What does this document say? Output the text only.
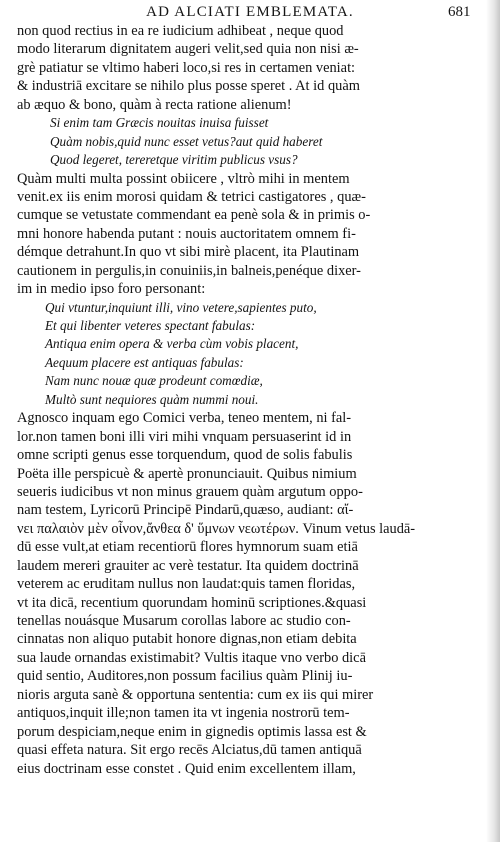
AD ALCIATI EMBLEMATA.	681
non quod rectius in ea re iudicium adhibeat , neque quod
modo literarum dignitatem augeri velit,sed quia non nisi æ-
grè patiatur se vltimo haberi loco,si res in certamen veniat:
& industriā excitare se nihilo plus posse speret . At id quàm
ab æquo & bono, quàm à recta ratione alienum!
Si enim tam Græcis nouitas inuisa fuisset
Quàm nobis,quid nunc esset vetus?aut quid haberet
Quod legeret, tereretque viritim publicus vsus?
Quàm multi multa possint obiicere , vltrò mihi in mentem
venit.ex iis enim morosi quidam & tetrici castigatores , quæ-
cumque se vetustate commendant ea penè sola & in primis o-
mni honore habenda putant : nouis auctoritatem omnem fi-
démque detrahunt.In quo vt sibi mirè placent, ita Plautinam
cautionem in pergulis,in conuiniis,in balneis,penéque dixer-
im in medio ipso foro personant:
Qui vtuntur,inquiunt illi, vino vetere,sapientes puto,
Et qui libenter veteres spectant fabulas:
Antiqua enim opera & verba cùm vobis placent,
Aequum placere est antiquas fabulas:
Nam nunc nouæ quæ prodeunt comœdiæ,
Multò sunt nequiores quàm nummi noui.
Agnosco inquam ego Comici verba, teneo mentem, ni fal-
lor.non tamen boni illi viri mihi vnquam persuaserint id in
omne scripti genus esse torquendum, quod de solis fabulis
Poëta ille perspicuè & apertè pronunciauit. Quibus nimium
seueris iudicibus vt non minus grauem quàm argutum oppo-
nam testem, Lyricorū Principē Pindarū,quæso, audiant: αἴ-
νει παλαιὸν μὲν οἶνον,ἄνθεα δ' ὕμνων νεωτέρων. Vinum vetus laudā-
dū esse vult,at etiam recentiorū flores hymnorum suam etiā
laudem mereri grauiter ac verè testatur. Ita quidem doctrinā
veterem ac eruditam nullus non laudat:quis tamen floridas,
vt ita dicā, recentium quorundam hominū scriptiones.&quasi
tenellas nouásque Musarum corollas labore ac studio con-
cinnatas non aliquo putabit honore dignas,non etiam debita
sua laude ornandas existimabit? Vultis itaque vno verbo dicā
quid sentio, Auditores,non possum facilius quàm Plinij iu-
nioris arguta sanè & opportuna sententia: cum ex iis qui mirer
antiquos,inquit ille;non tamen ita vt ingenia nostrorū tem-
porum despiciam,neque enim in gignedis optimis lassa est &
quasi effeta natura. Sit ergo recēs Alciatus,dū tamen antiquā
eius doctrinam esse constet . Quid enim excellentem illam,
